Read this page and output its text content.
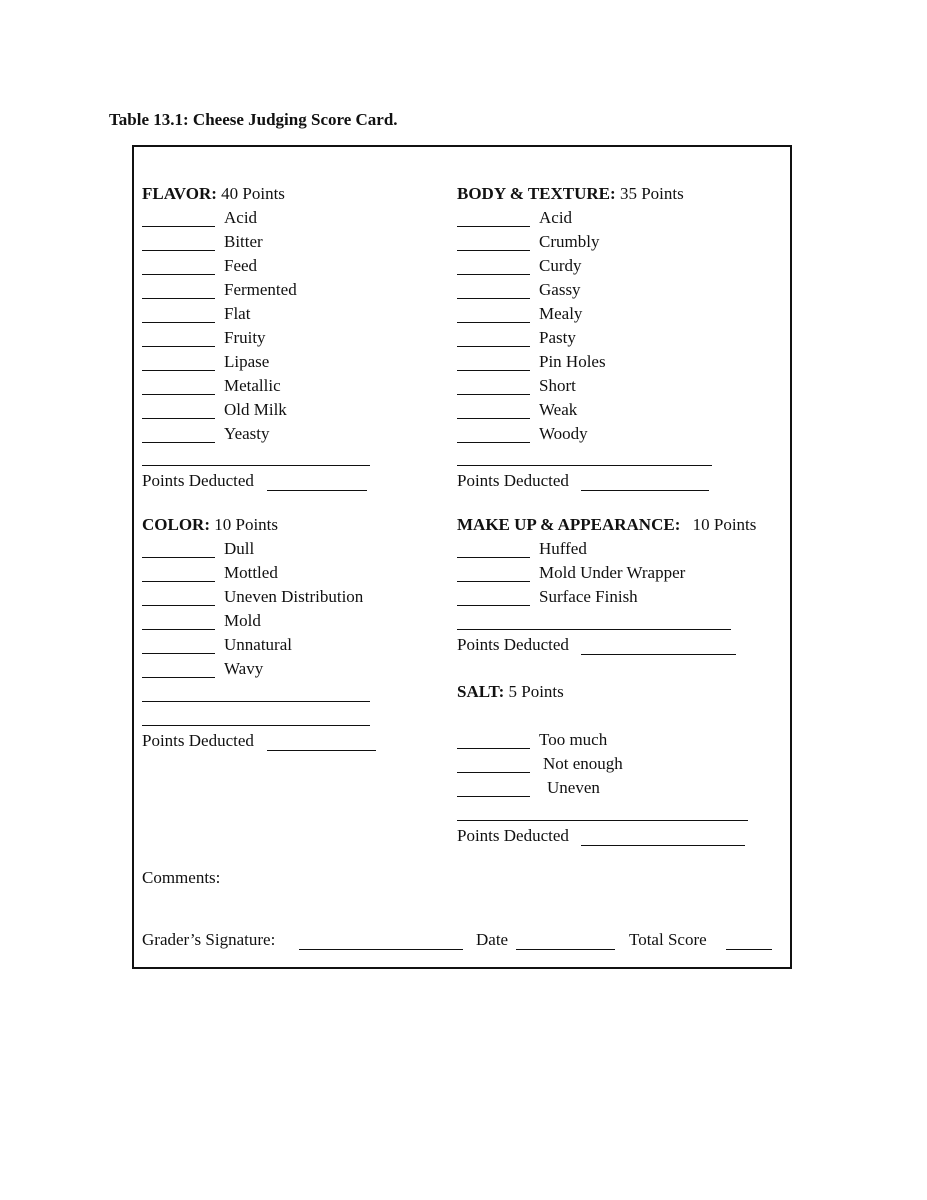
Table 13.1: Cheese Judging Score Card.
FLAVOR: 40 Points
Acid
Bitter
Feed
Fermented
Flat
Fruity
Lipase
Metallic
Old Milk
Yeasty
Points Deducted
BODY & TEXTURE: 35 Points
Acid
Crumbly
Curdy
Gassy
Mealy
Pasty
Pin Holes
Short
Weak
Woody
Points Deducted
COLOR: 10 Points
Dull
Mottled
Uneven Distribution
Mold
Unnatural
Wavy
Points Deducted
MAKE UP & APPEARANCE: 10 Points
Huffed
Mold Under Wrapper
Surface Finish
Points Deducted
SALT: 5 Points
Too much
Not enough
Uneven
Points Deducted
Comments:
Grader’s Signature:	Date	Total Score
